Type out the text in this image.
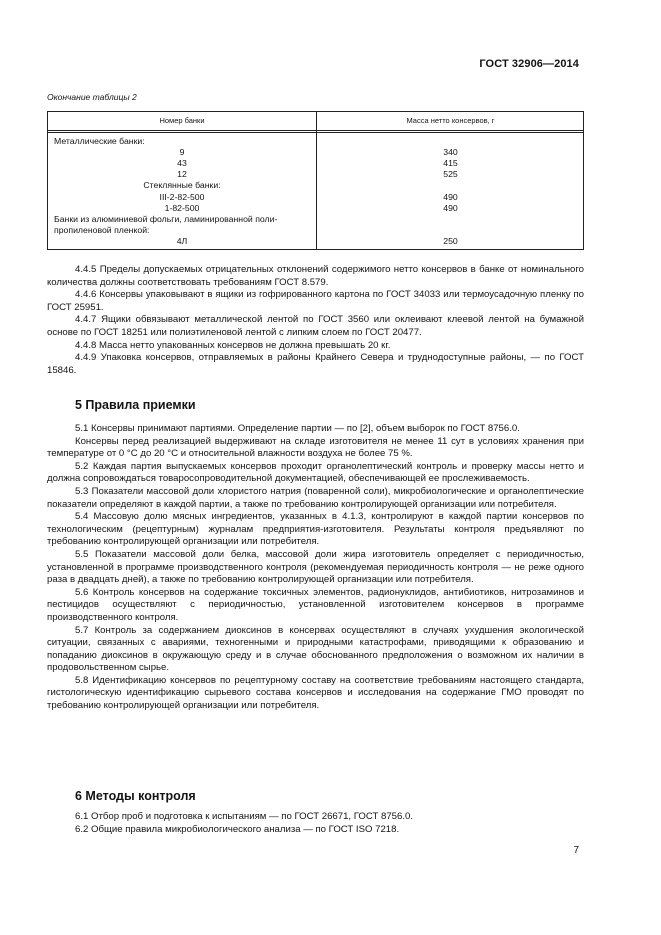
ГОСТ 32906—2014
Окончание таблицы 2
Номер банки	Масса нетто консервов, г
Металлические банки:
9	340
43	415
12	525
Стеклянные банки:
III-2-82-500	490
1-82-500	490
Банки из алюминиевой фольги, ламинированной поли-
пропиленовой пленкой:
4Л	250

4.4.5 Пределы допускаемых отрицательных отклонений содержимого нетто консервов в банке от номинального количества должны соответствовать требованиям ГОСТ 8.579.

4.4.6 Консервы упаковывают в ящики из гофрированного картона по ГОСТ 34033 или термоусадочную пленку по ГОСТ 25951.

4.4.7 Ящики обвязывают металлической лентой по ГОСТ 3560 или оклеивают клеевой лентой на бумажной основе по ГОСТ 18251 или полиэтиленовой лентой с липким слоем по ГОСТ 20477.

4.4.8 Масса нетто упакованных консервов не должна превышать 20 кг.

4.4.9 Упаковка консервов, отправляемых в районы Крайнего Севера и труднодоступные районы, — по ГОСТ 15846.

5 Правила приемки

5.1 Консервы принимают партиями. Определение партии — по [2], объем выборок по ГОСТ 8756.0.

Консервы перед реализацией выдерживают на складе изготовителя не менее 11 сут в условиях хранения при температуре от 0 °С до 20 °С и относительной влажности воздуха не более 75 %.

5.2 Каждая партия выпускаемых консервов проходит органолептический контроль и проверку массы нетто и должна сопровождаться товаросопроводительной документацией, обеспечивающей ее прослеживаемость.

5.3 Показатели массовой доли хлористого натрия (поваренной соли), микробиологические и органолептические показатели определяют в каждой партии, а также по требованию контролирующей организации или потребителя.

5.4 Массовую долю мясных ингредиентов, указанных в 4.1.3, контролируют в каждой партии консервов по технологическим (рецептурным) журналам предприятия-изготовителя. Результаты контроля предъявляют по требованию контролирующей организации или потребителя.

5.5 Показатели массовой доли белка, массовой доли жира изготовитель определяет с периодичностью, установленной в программе производственного контроля (рекомендуемая периодичность контроля — не реже одного раза в двадцать дней), а также по требованию контролирующей организации или потребителя.

5.6 Контроль консервов на содержание токсичных элементов, радионуклидов, антибиотиков, нитрозаминов и пестицидов осуществляют с периодичностью, установленной изготовителем консервов в программе производственного контроля.

5.7 Контроль за содержанием диоксинов в консервах осуществляют в случаях ухудшения экологической ситуации, связанных с авариями, техногенными и природными катастрофами, приводящими к образованию и попаданию диоксинов в окружающую среду и в случае обоснованного предположения о возможном их наличии в продовольственном сырье.

5.8 Идентификацию консервов по рецептурному составу на соответствие требованиям настоящего стандарта, гистологическую идентификацию сырьевого состава консервов и исследования на содержание ГМО проводят по требованию контролирующей организации или потребителя.

6 Методы контроля

6.1 Отбор проб и подготовка к испытаниям — по ГОСТ 26671, ГОСТ 8756.0.

6.2 Общие правила микробиологического анализа — по ГОСТ ISO 7218.

7
